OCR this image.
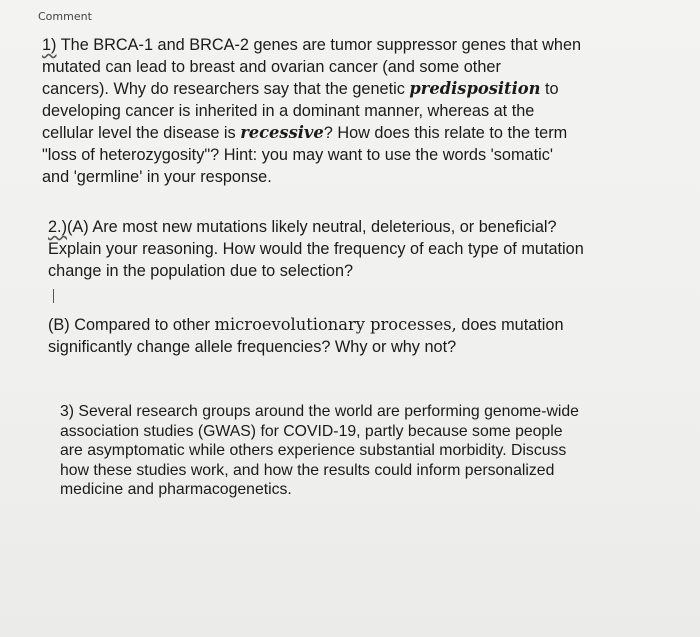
Comment
1) The BRCA-1 and BRCA-2 genes are tumor suppressor genes that when
mutated can lead to breast and ovarian cancer (and some other
cancers). Why do researchers say that the genetic predisposition to
developing cancer is inherited in a dominant manner, whereas at the
cellular level the disease is recessive? How does this relate to the term
"loss of heterozygosity"? Hint: you may want to use the words 'somatic'
and 'germline' in your response.
2.)(A) Are most new mutations likely neutral, deleterious, or beneficial?
Explain your reasoning. How would the frequency of each type of mutation
change in the population due to selection?
(B) Compared to other microevolutionary processes, does mutation
significantly change allele frequencies? Why or why not?
3) Several research groups around the world are performing genome-wide
association studies (GWAS) for COVID-19, partly because some people
are asymptomatic while others experience substantial morbidity. Discuss
how these studies work, and how the results could inform personalized
medicine and pharmacogenetics.
